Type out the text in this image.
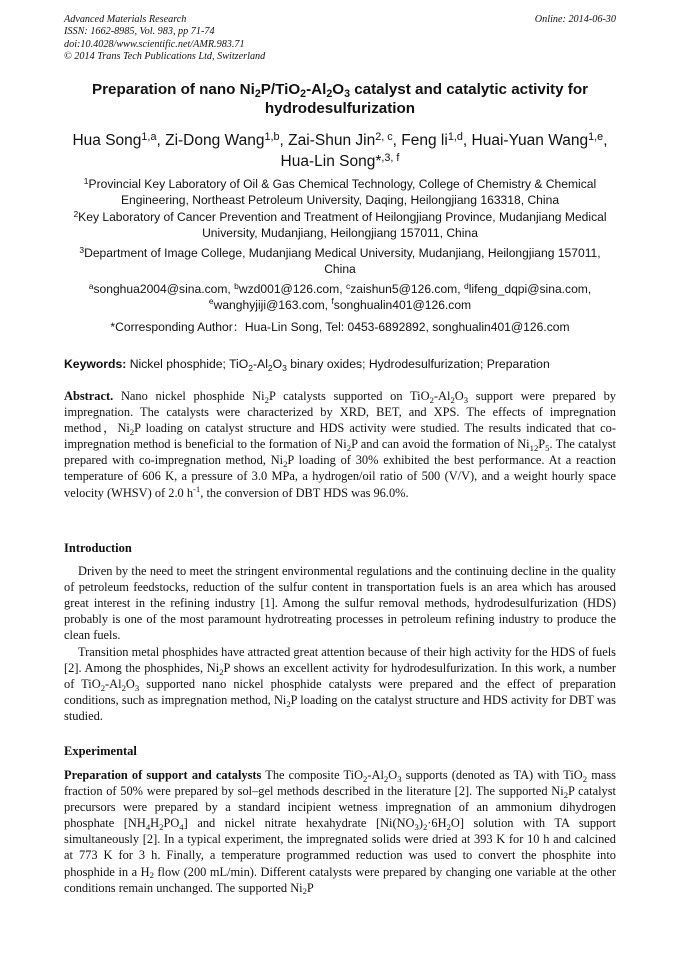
Advanced Materials Research
ISSN: 1662-8985, Vol. 983, pp 71-74
doi:10.4028/www.scientific.net/AMR.983.71
© 2014 Trans Tech Publications Ltd, Switzerland
Online: 2014-06-30
Preparation of nano $Ni_2P/TiO_2-Al_2O_3$ catalyst and catalytic activity for
hydrodesulfurization
Hua Song$^{1,a}$, Zi-Dong Wang$^{1,b}$, Zai-Shun Jin$^{2, c}$, Feng li$^{1,d}$, Huai-Yuan Wang$^{1,e}$, Hua-Lin Song*$^{,3, f}$
$^1$Provincial Key Laboratory of Oil & Gas Chemical Technology, College of Chemistry & Chemical Engineering, Northeast Petroleum University, Daqing, Heilongjiang 163318, China
$^2$Key Laboratory of Cancer Prevention and Treatment of Heilongjiang Province, Mudanjiang Medical University, Mudanjiang, Heilongjiang 157011, China
$^3$Department of Image College, Mudanjiang Medical University, Mudanjiang, Heilongjiang 157011, China
$^a$songhua2004@sina.com, $^b$wzd001@126.com, $^c$zaishun5@126.com, $^d$lifeng_dqpi@sina.com,
$^e$wanghyjiji@163.com, $^f$songhualin401@126.com
*Corresponding Author：Hua-Lin Song, Tel: 0453-6892892, songhualin401@126.com
Keywords: Nickel phosphide; $TiO_2-Al_2O_3$ binary oxides; Hydrodesulfurization; Preparation
Abstract. Nano nickel phosphide $Ni_2P$ catalysts supported on $TiO_2-Al_2O_3$ support were prepared by impregnation. The catalysts were characterized by XRD, BET, and XPS. The effects of impregnation method，$Ni_2P$ loading on catalyst structure and HDS activity were studied. The results indicated that co-impregnation method is beneficial to the formation of $Ni_2P$ and can avoid the formation of $Ni_{12}P_5$. The catalyst prepared with co-impregnation method, $Ni_2P$ loading of 30% exhibited the best performance. At a reaction temperature of 606 K, a pressure of 3.0 MPa, a hydrogen/oil ratio of 500 (V/V), and a weight hourly space velocity (WHSV) of 2.0 $h^{-1}$, the conversion of DBT HDS was 96.0%.
Introduction
Driven by the need to meet the stringent environmental regulations and the continuing decline in the quality of petroleum feedstocks, reduction of the sulfur content in transportation fuels is an area which has aroused great interest in the refining industry [1]. Among the sulfur removal methods, hydrodesulfurization (HDS) probably is one of the most paramount hydrotreating processes in petroleum refining industry to produce the clean fuels.
Transition metal phosphides have attracted great attention because of their high activity for the HDS of fuels [2]. Among the phosphides, $Ni_2P$ shows an excellent activity for hydrodesulfurization. In this work, a number of $TiO_2-Al_2O_3$ supported nano nickel phosphide catalysts were prepared and the effect of preparation conditions, such as impregnation method, $Ni_2P$ loading on the catalyst structure and HDS activity for DBT was studied.
Experimental
Preparation of support and catalysts The composite $TiO_2-Al_2O_3$ supports (denoted as TA) with TiO$_2$ mass fraction of 50% were prepared by sol–gel methods described in the literature [2]. The supported $Ni_2P$ catalyst precursors were prepared by a standard incipient wetness impregnation of an ammonium dihydrogen phosphate $[NH_4H_2PO_4]$ and nickel nitrate hexahydrate $[Ni(NO_3)_2\cdot 6H_2O]$ solution with TA support simultaneously [2]. In a typical experiment, the impregnated solids were dried at 393 K for 10 h and calcined at 773 K for 3 h. Finally, a temperature programmed reduction was used to convert the phosphite into phosphide in a $H_2$ flow (200 mL/min). Different catalysts were prepared by changing one variable at the other conditions remain unchanged. The supported $Ni_2P$
